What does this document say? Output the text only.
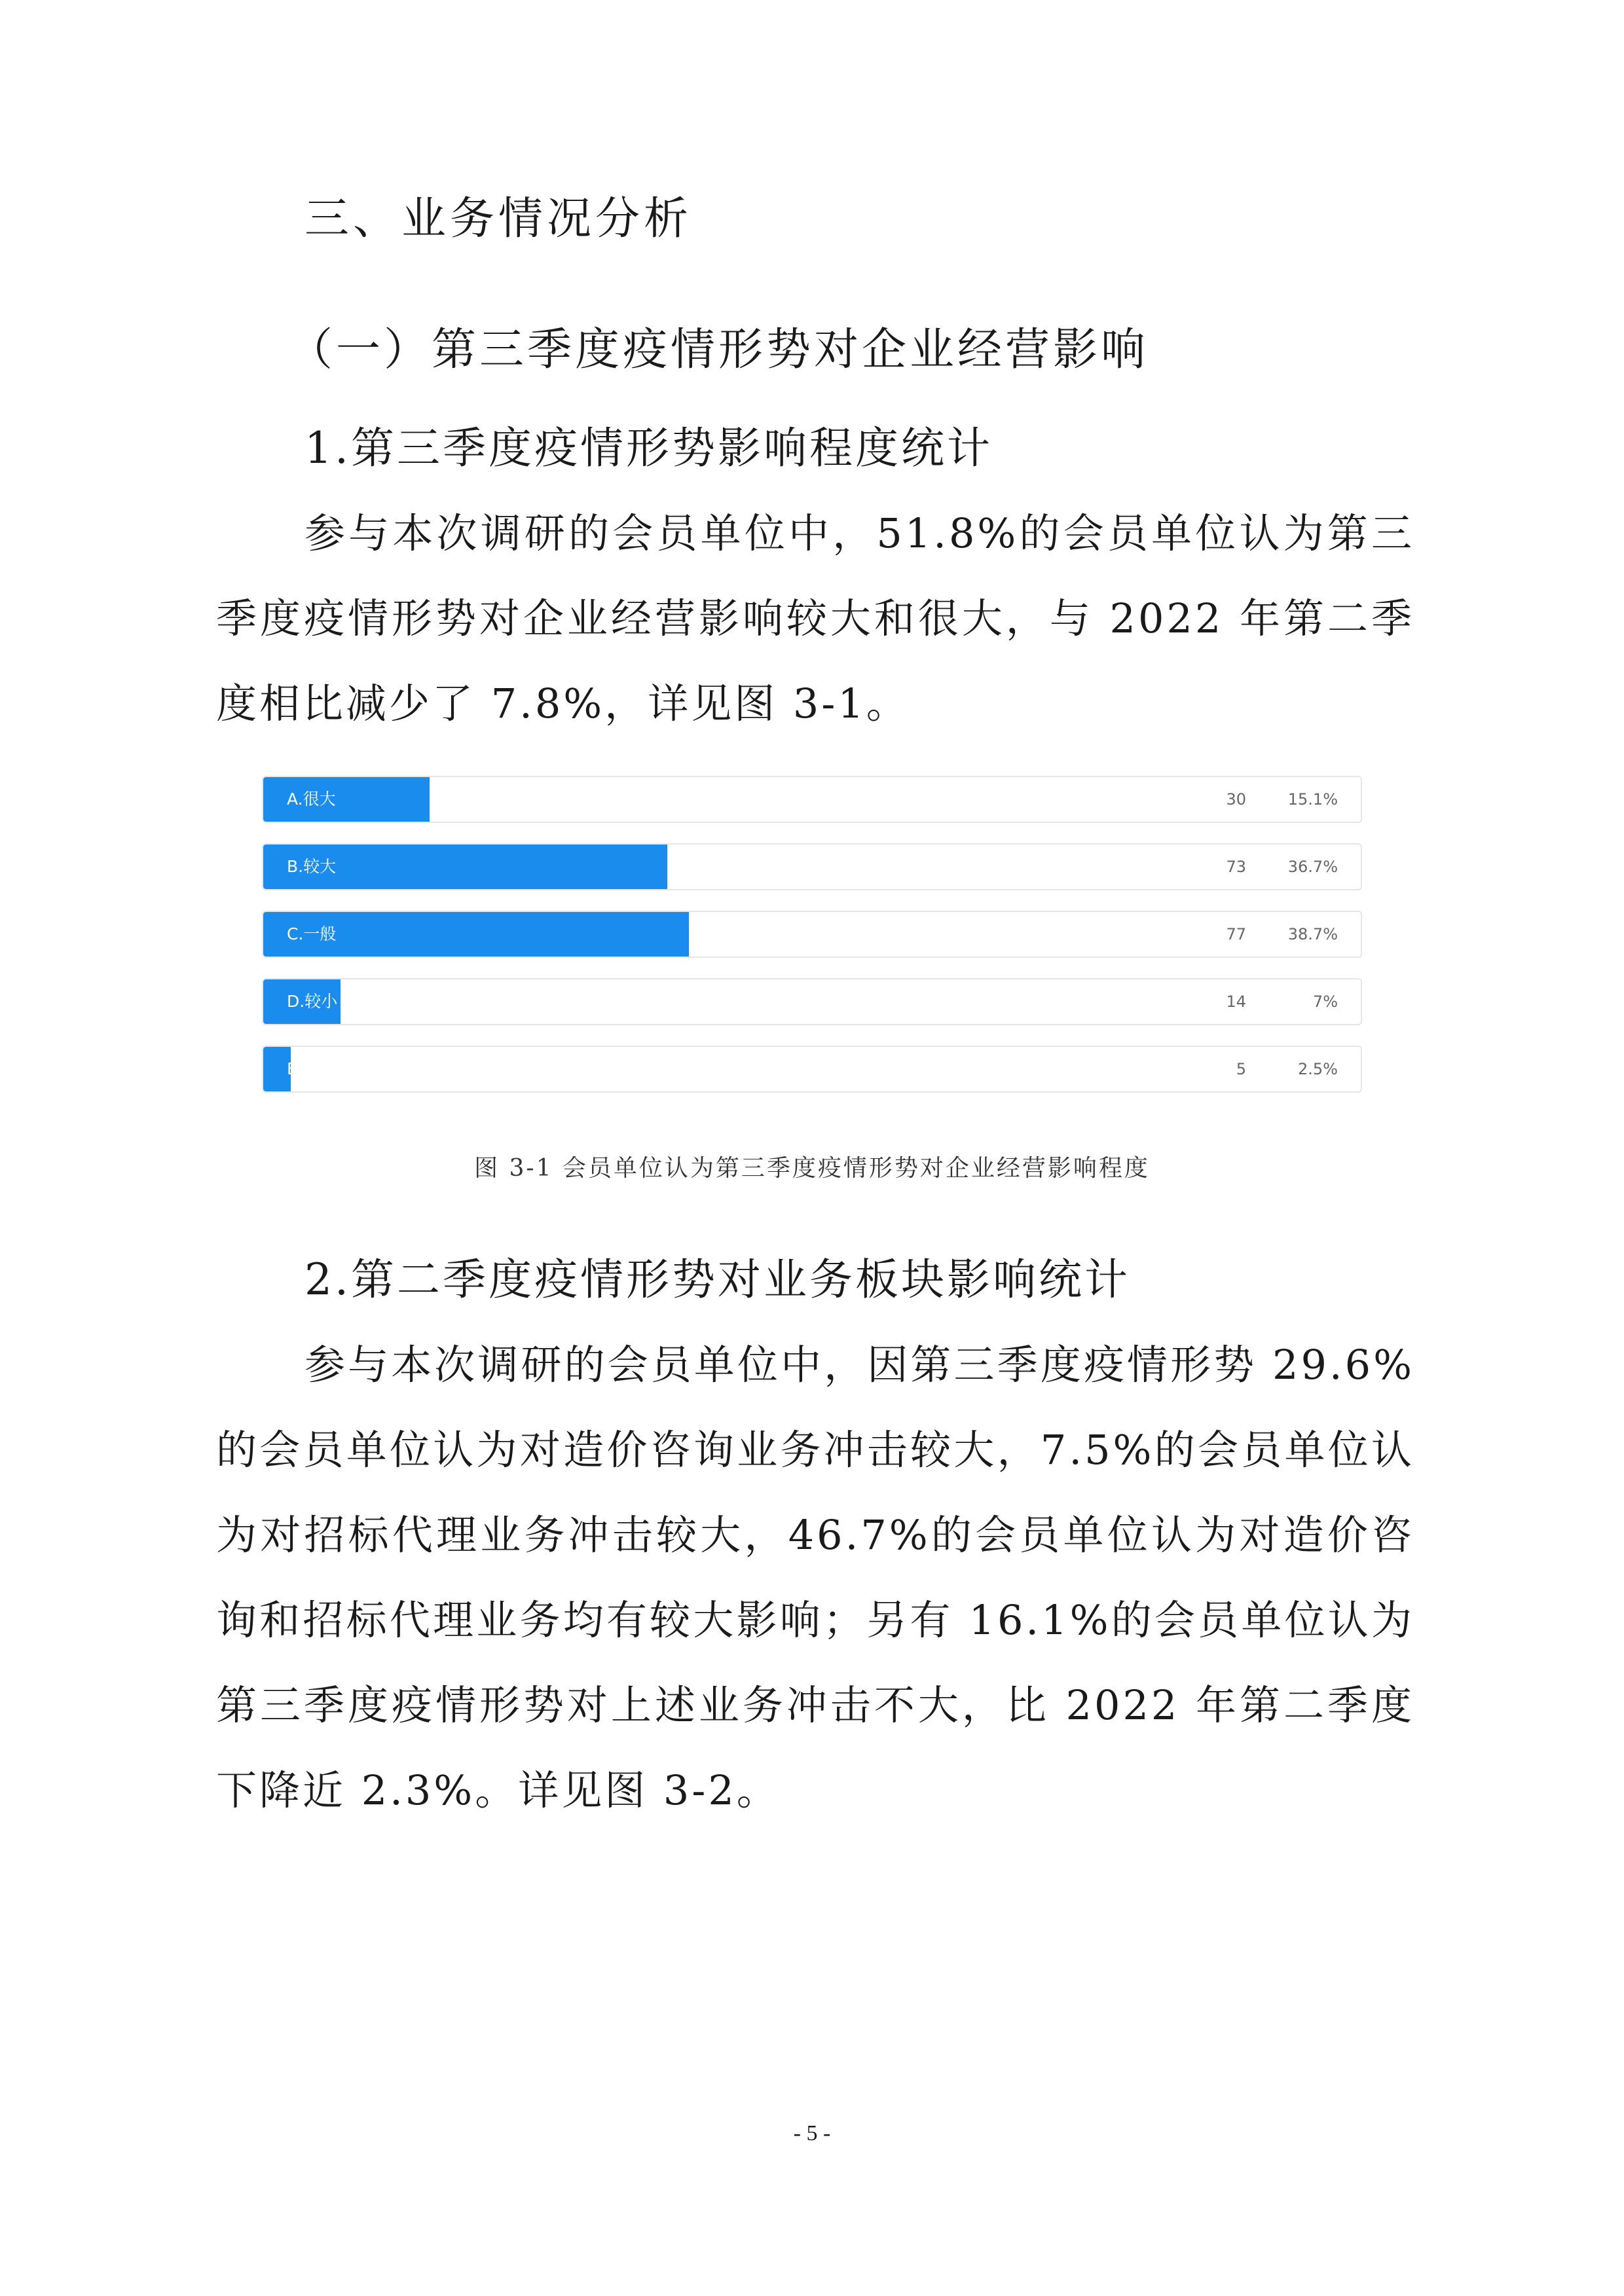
三、业务情况分析
（一）第三季度疫情形势对企业经营影响
1.第三季度疫情形势影响程度统计

参与本次调研的会员单位中，51.8%的会员单位认为第三季度疫情形势对企业经营影响较大和很大，与 2022 年第二季度相比减少了 7.8%，详见图 3-1。

A.很大	30	15.1%
B.较大	73	36.7%
C.一般	77	38.7%
D.较小	14	7%
E.无影响	5	2.5%
图 3-1 会员单位认为第三季度疫情形势对企业经营影响程度
2.第二季度疫情形势对业务板块影响统计

参与本次调研的会员单位中，因第三季度疫情形势 29.6%的会员单位认为对造价咨询业务冲击较大，7.5%的会员单位认为对招标代理业务冲击较大，46.7%的会员单位认为对造价咨询和招标代理业务均有较大影响；另有 16.1%的会员单位认为第三季度疫情形势对上述业务冲击不大，比 2022 年第二季度下降近 2.3%。详见图 3-2。

- 5 -
